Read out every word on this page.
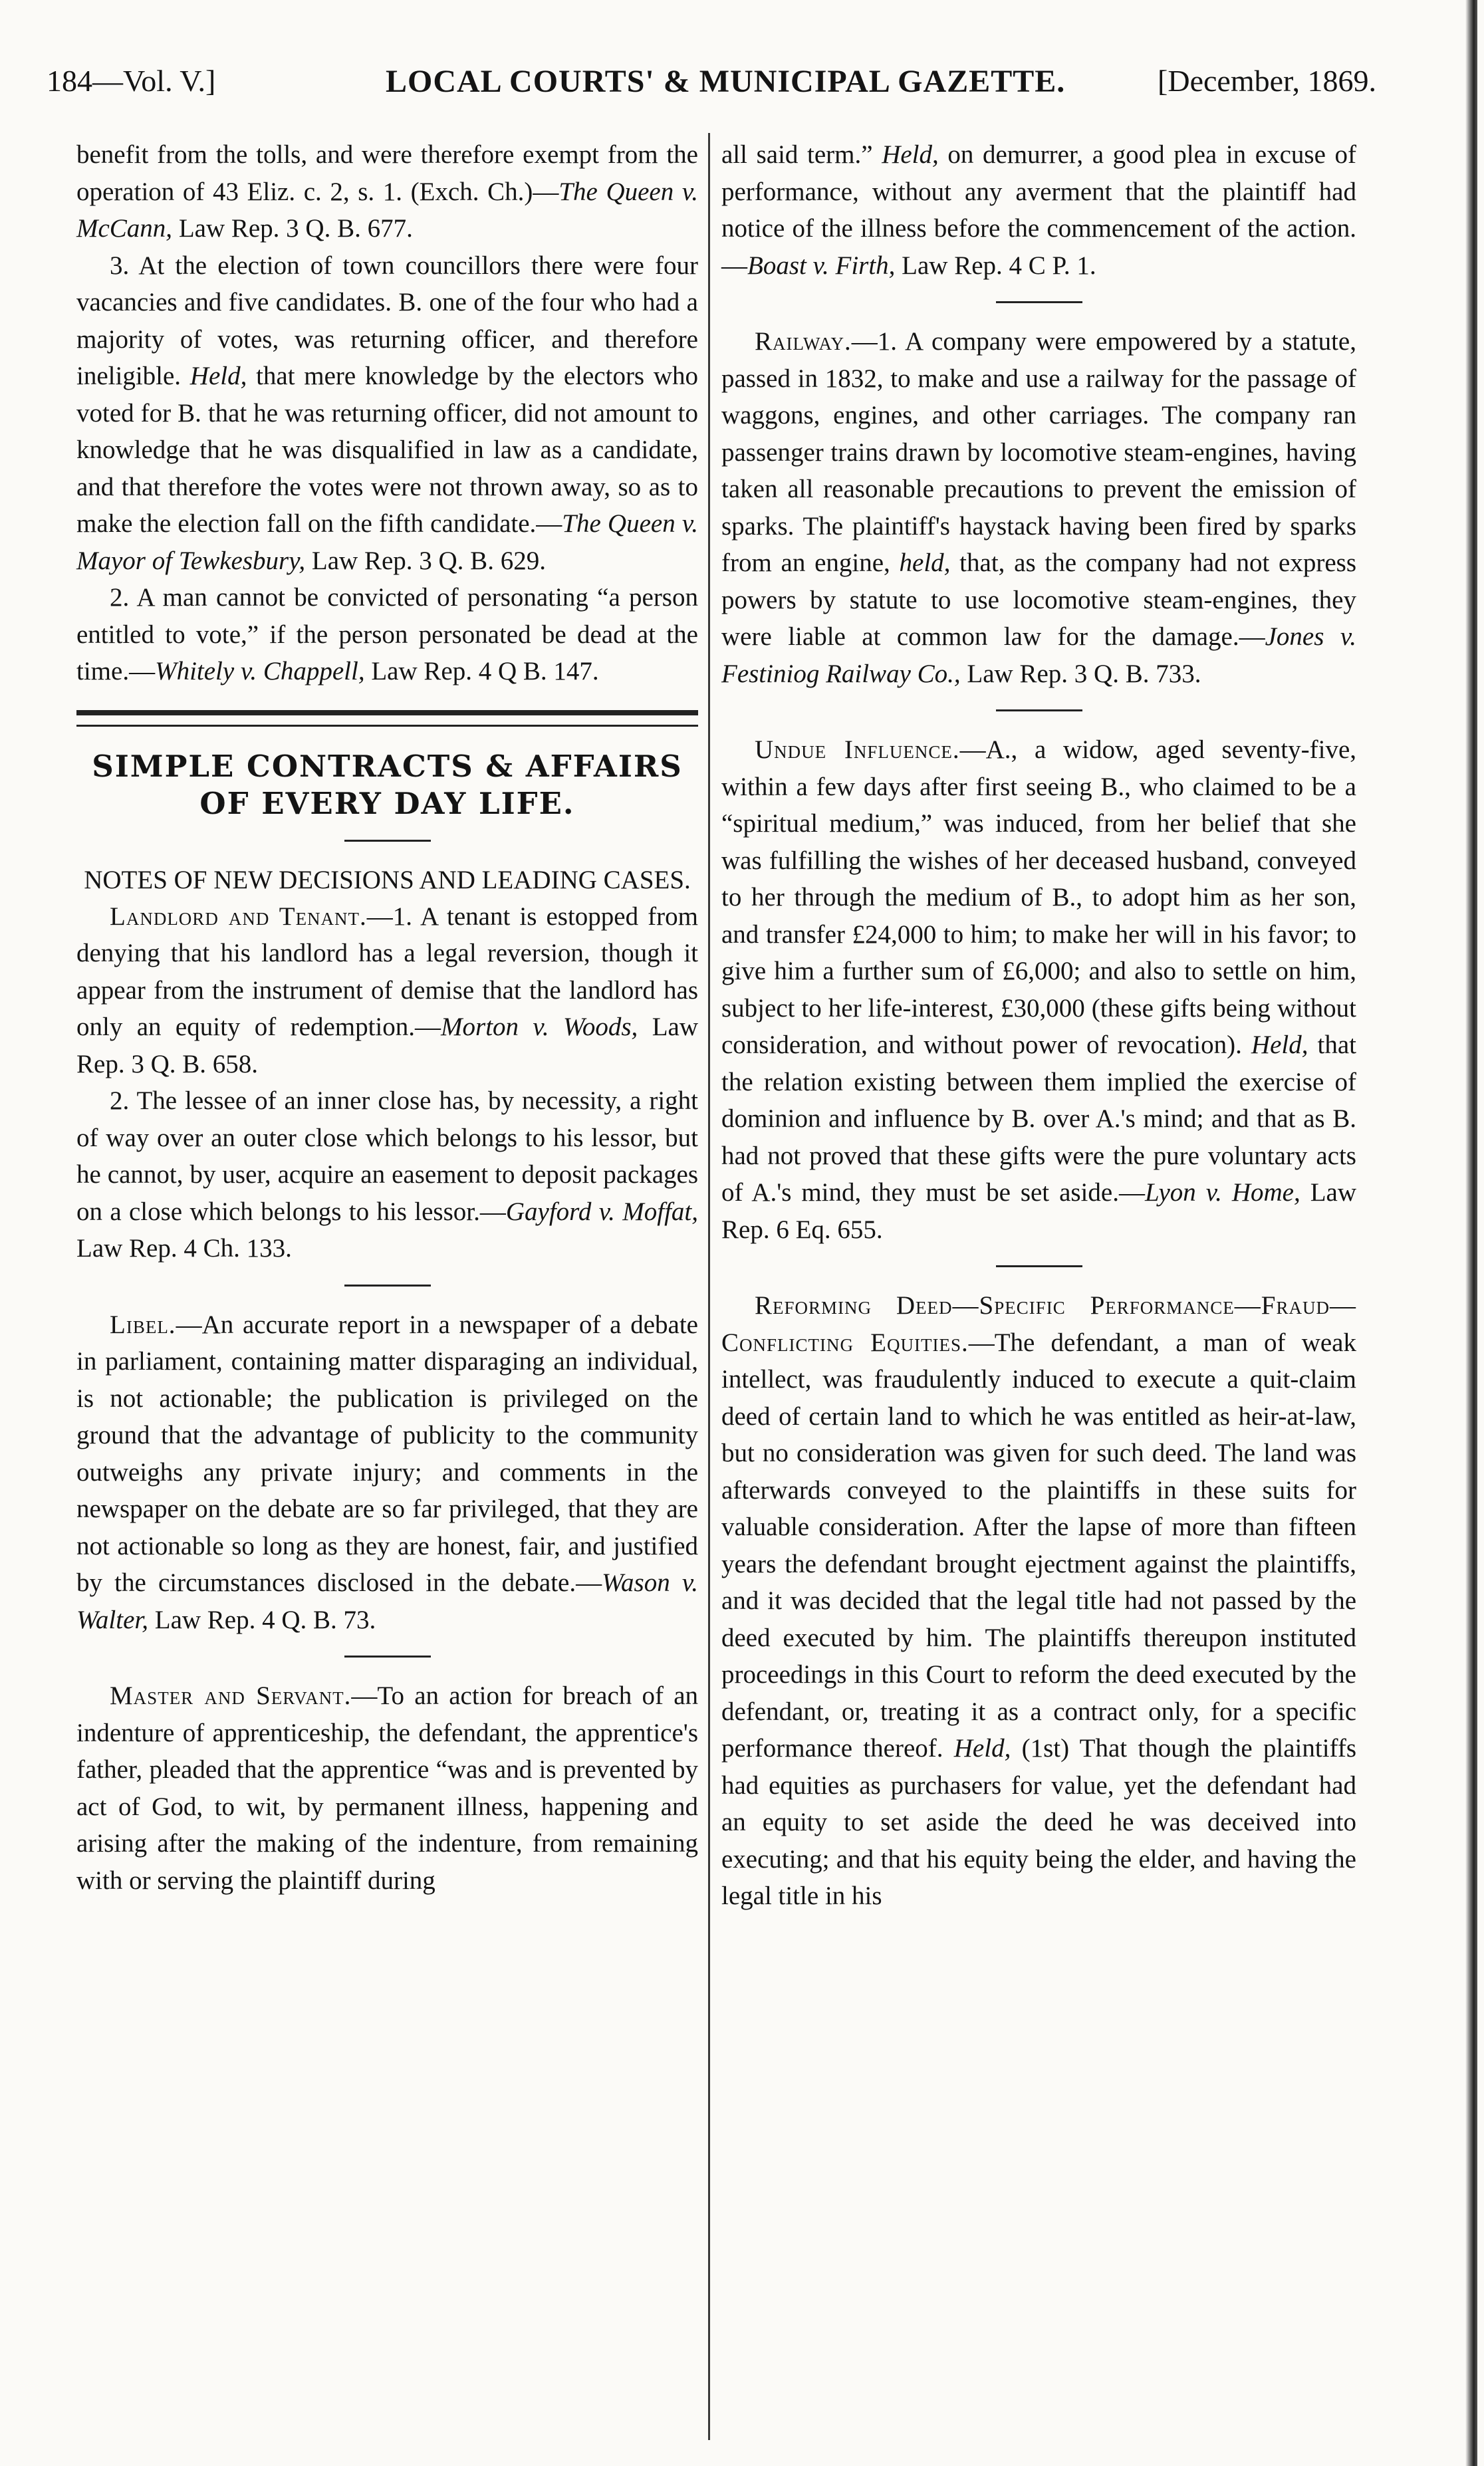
184—Vol. V.]	LOCAL COURTS' & MUNICIPAL GAZETTE.	[December, 1869.

benefit from the tolls, and were therefore exempt from the operation of 43 Eliz. c. 2, s. 1. (Exch. Ch.)—The Queen v. McCann, Law Rep. 3 Q. B. 677.

3. At the election of town councillors there were four vacancies and five candidates. B. one of the four who had a majority of votes, was returning officer, and therefore ineligible. Held, that mere knowledge by the electors who voted for B. that he was returning officer, did not amount to knowledge that he was disqualified in law as a candidate, and that therefore the votes were not thrown away, so as to make the election fall on the fifth candidate.—The Queen v. Mayor of Tewkesbury, Law Rep. 3 Q. B. 629.

2. A man cannot be convicted of personating “a person entitled to vote,” if the person personated be dead at the time.—Whitely v. Chappell, Law Rep. 4 Q B. 147.

SIMPLE CONTRACTS & AFFAIRS OF EVERY DAY LIFE.
NOTES OF NEW DECISIONS AND LEADING CASES.

Landlord and Tenant.—1. A tenant is estopped from denying that his landlord has a legal reversion, though it appear from the instrument of demise that the landlord has only an equity of redemption.—Morton v. Woods, Law Rep. 3 Q. B. 658.

2. The lessee of an inner close has, by necessity, a right of way over an outer close which belongs to his lessor, but he cannot, by user, acquire an easement to deposit packages on a close which belongs to his lessor.—Gayford v. Moffat, Law Rep. 4 Ch. 133.

Libel.—An accurate report in a newspaper of a debate in parliament, containing matter disparaging an individual, is not actionable; the publication is privileged on the ground that the advantage of publicity to the community outweighs any private injury; and comments in the newspaper on the debate are so far privileged, that they are not actionable so long as they are honest, fair, and justified by the circumstances disclosed in the debate.—Wason v. Walter, Law Rep. 4 Q. B. 73.

Master and Servant.—To an action for breach of an indenture of apprenticeship, the defendant, the apprentice's father, pleaded that the apprentice “was and is prevented by act of God, to wit, by permanent illness, happening and arising after the making of the indenture, from remaining with or serving the plaintiff during

all said term.” Held, on demurrer, a good plea in excuse of performance, without any averment that the plaintiff had notice of the illness before the commencement of the action.—Boast v. Firth, Law Rep. 4 C P. 1.

Railway.—1. A company were empowered by a statute, passed in 1832, to make and use a railway for the passage of waggons, engines, and other carriages. The company ran passenger trains drawn by locomotive steam-engines, having taken all reasonable precautions to prevent the emission of sparks. The plaintiff's haystack having been fired by sparks from an engine, held, that, as the company had not express powers by statute to use locomotive steam-engines, they were liable at common law for the damage.—Jones v. Festiniog Railway Co., Law Rep. 3 Q. B. 733.

Undue Influence.—A., a widow, aged seventy-five, within a few days after first seeing B., who claimed to be a “spiritual medium,” was induced, from her belief that she was fulfilling the wishes of her deceased husband, conveyed to her through the medium of B., to adopt him as her son, and transfer £24,000 to him; to make her will in his favor; to give him a further sum of £6,000; and also to settle on him, subject to her life-interest, £30,000 (these gifts being without consideration, and without power of revocation). Held, that the relation existing between them implied the exercise of dominion and influence by B. over A.'s mind; and that as B. had not proved that these gifts were the pure voluntary acts of A.'s mind, they must be set aside.—Lyon v. Home, Law Rep. 6 Eq. 655.

Reforming Deed—Specific Performance—Fraud—Conflicting Equities.—The defendant, a man of weak intellect, was fraudulently induced to execute a quit-claim deed of certain land to which he was entitled as heir-at-law, but no consideration was given for such deed. The land was afterwards conveyed to the plaintiffs in these suits for valuable consideration. After the lapse of more than fifteen years the defendant brought ejectment against the plaintiffs, and it was decided that the legal title had not passed by the deed executed by him. The plaintiffs thereupon instituted proceedings in this Court to reform the deed executed by the defendant, or, treating it as a contract only, for a specific performance thereof. Held, (1st) That though the plaintiffs had equities as purchasers for value, yet the defendant had an equity to set aside the deed he was deceived into executing; and that his equity being the elder, and having the legal title in his
